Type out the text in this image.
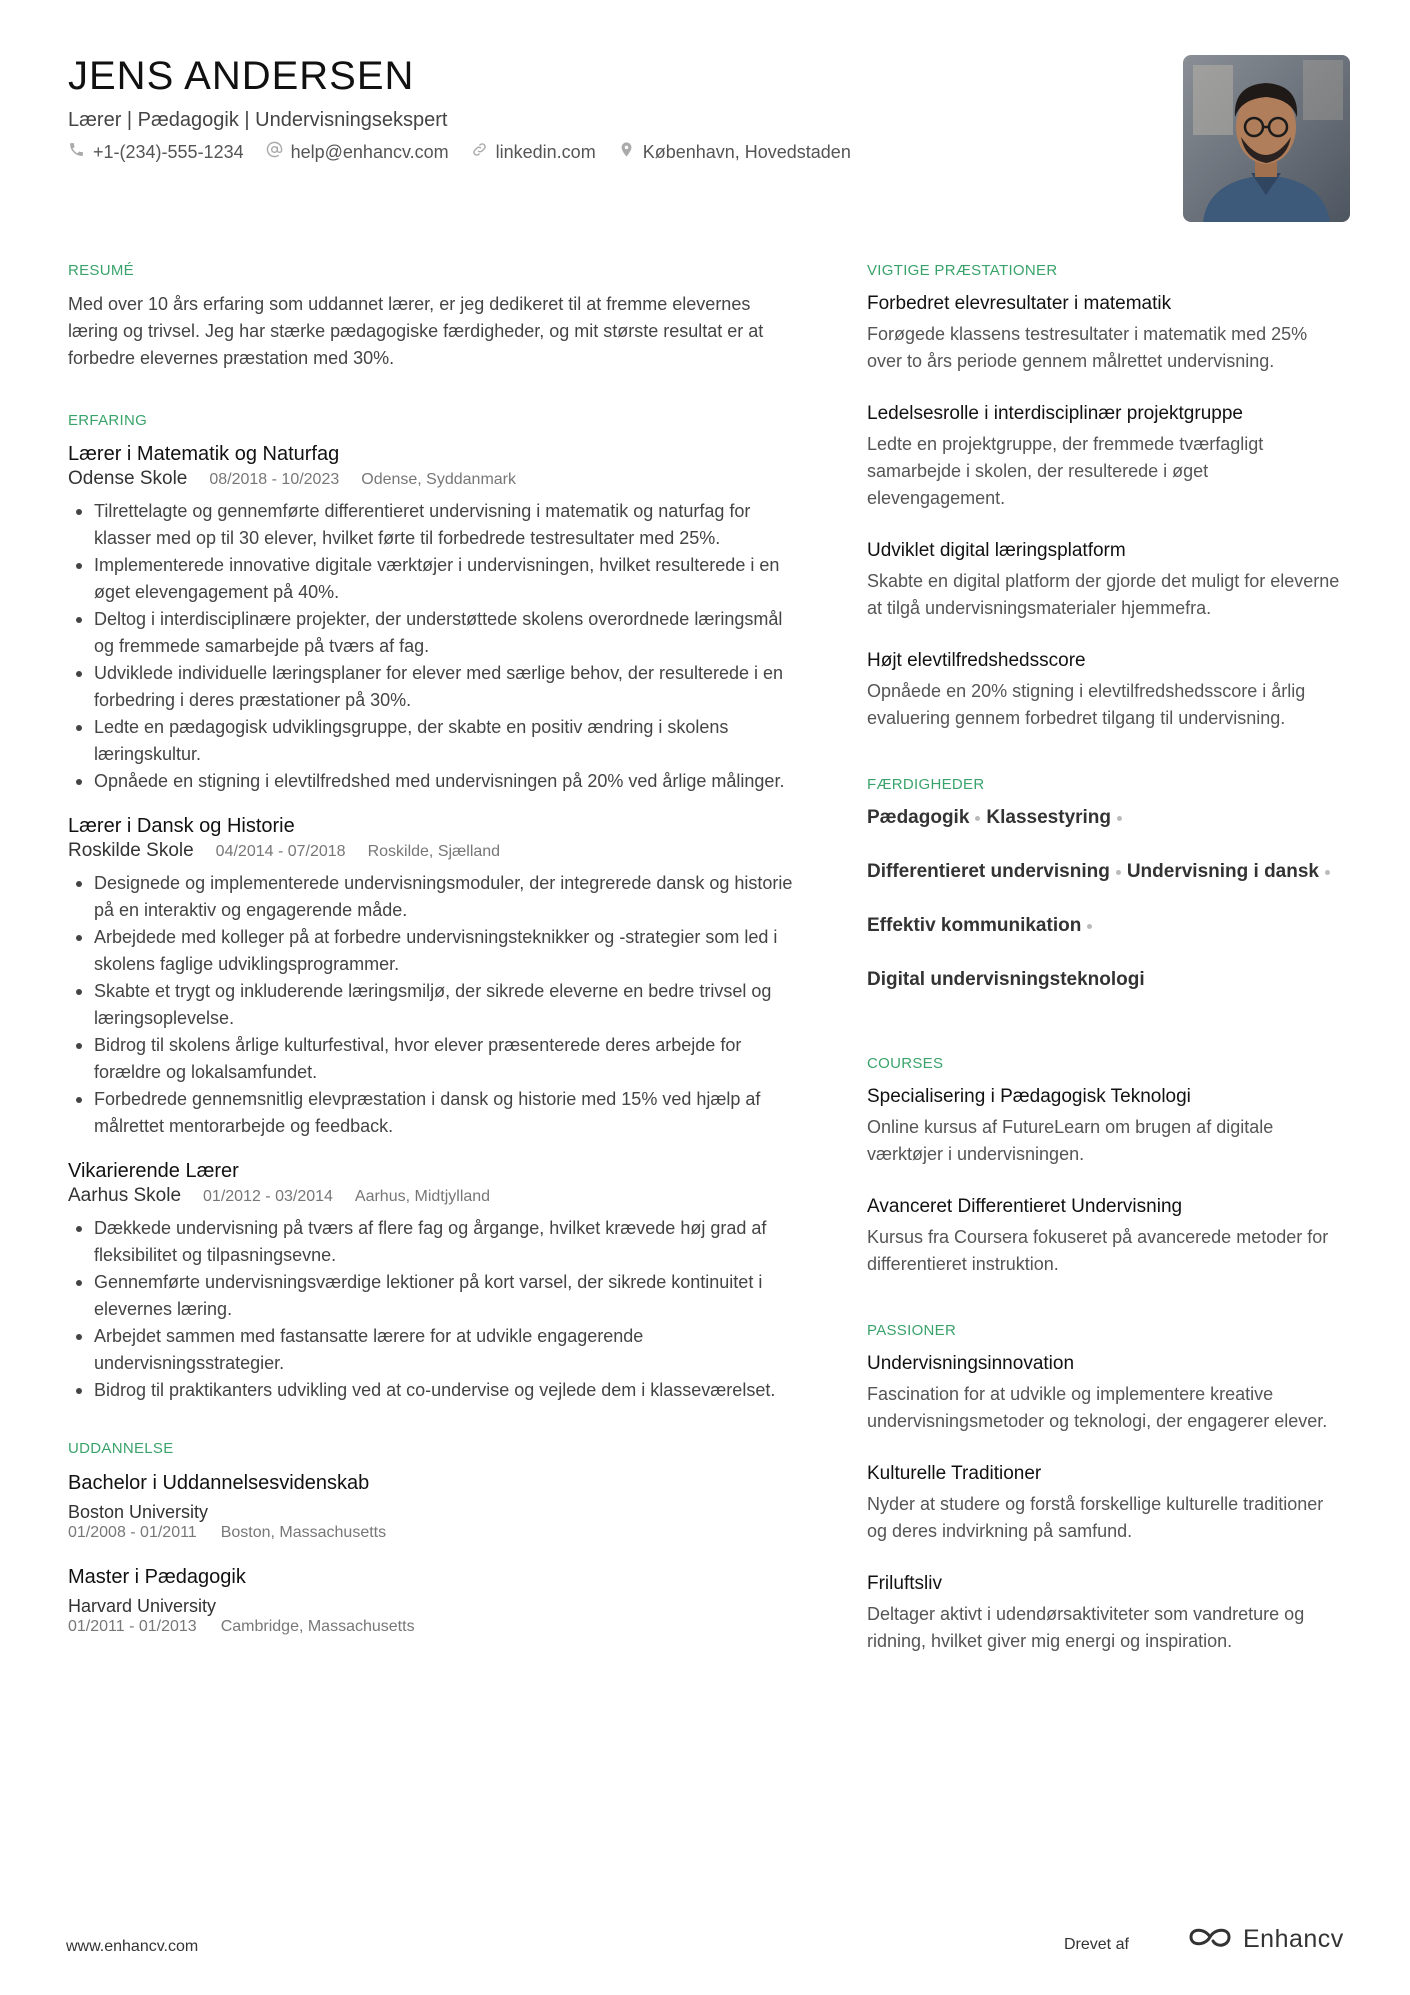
JENS ANDERSEN
Lærer | Pædagogik | Undervisningsekspert
+1-(234)-555-1234	help@enhancv.com	linkedin.com	København, Hovedstaden
RESUMÉ

Med over 10 års erfaring som uddannet lærer, er jeg dedikeret til at fremme elevernes læring og trivsel. Jeg har stærke pædagogiske færdigheder, og mit største resultat er at forbedre elevernes præstation med 30%.

ERFARING
Lærer i Matematik og Naturfag
Odense Skole 08/2018 - 10/2023 Odense, Syddanmark
Tilrettelagte og gennemførte differentieret undervisning i matematik og naturfag for klasser med op til 30 elever, hvilket førte til forbedrede testresultater med 25%.
Implementerede innovative digitale værktøjer i undervisningen, hvilket resulterede i en øget elevengagement på 40%.
Deltog i interdisciplinære projekter, der understøttede skolens overordnede læringsmål og fremmede samarbejde på tværs af fag.
Udviklede individuelle læringsplaner for elever med særlige behov, der resulterede i en forbedring i deres præstationer på 30%.
Ledte en pædagogisk udviklingsgruppe, der skabte en positiv ændring i skolens læringskultur.
Opnåede en stigning i elevtilfredshed med undervisningen på 20% ved årlige målinger.
Lærer i Dansk og Historie
Roskilde Skole 04/2014 - 07/2018 Roskilde, Sjælland
Designede og implementerede undervisningsmoduler, der integrerede dansk og historie på en interaktiv og engagerende måde.
Arbejdede med kolleger på at forbedre undervisningsteknikker og -strategier som led i skolens faglige udviklingsprogrammer.
Skabte et trygt og inkluderende læringsmiljø, der sikrede eleverne en bedre trivsel og læringsoplevelse.
Bidrog til skolens årlige kulturfestival, hvor elever præsenterede deres arbejde for forældre og lokalsamfundet.
Forbedrede gennemsnitlig elevpræstation i dansk og historie med 15% ved hjælp af målrettet mentorarbejde og feedback.
Vikarierende Lærer
Aarhus Skole 01/2012 - 03/2014 Aarhus, Midtjylland
Dækkede undervisning på tværs af flere fag og årgange, hvilket krævede høj grad af fleksibilitet og tilpasningsevne.
Gennemførte undervisningsværdige lektioner på kort varsel, der sikrede kontinuitet i elevernes læring.
Arbejdet sammen med fastansatte lærere for at udvikle engagerende undervisningsstrategier.
Bidrog til praktikanters udvikling ved at co-undervise og vejlede dem i klasseværelset.
UDDANNELSE
Bachelor i Uddannelsesvidenskab
Boston University
01/2008 - 01/2011 Boston, Massachusetts
Master i Pædagogik
Harvard University
01/2011 - 01/2013 Cambridge, Massachusetts
VIGTIGE PRÆSTATIONER
Forbedret elevresultater i matematik
Forøgede klassens testresultater i matematik med 25% over to års periode gennem målrettet undervisning.
Ledelsesrolle i interdisciplinær projektgruppe
Ledte en projektgruppe, der fremmede tværfagligt samarbejde i skolen, der resulterede i øget elevengagement.
Udviklet digital læringsplatform
Skabte en digital platform der gjorde det muligt for eleverne at tilgå undervisningsmaterialer hjemmefra.
Højt elevtilfredshedsscore
Opnåede en 20% stigning i elevtilfredshedsscore i årlig evaluering gennem forbedret tilgang til undervisning.
FÆRDIGHEDER
Pædagogik Klassestyring
Differentieret undervisning Undervisning i dansk
Effektiv kommunikation
Digital undervisningsteknologi
COURSES
Specialisering i Pædagogisk Teknologi
Online kursus af FutureLearn om brugen af digitale værktøjer i undervisningen.
Avanceret Differentieret Undervisning
Kursus fra Coursera fokuseret på avancerede metoder for differentieret instruktion.
PASSIONER
Undervisningsinnovation
Fascination for at udvikle og implementere kreative undervisningsmetoder og teknologi, der engagerer elever.
Kulturelle Traditioner
Nyder at studere og forstå forskellige kulturelle traditioner og deres indvirkning på samfund.
Friluftsliv
Deltager aktivt i udendørsaktiviteter som vandreture og ridning, hvilket giver mig energi og inspiration.
www.enhancv.com	Drevet af	Enhancv
